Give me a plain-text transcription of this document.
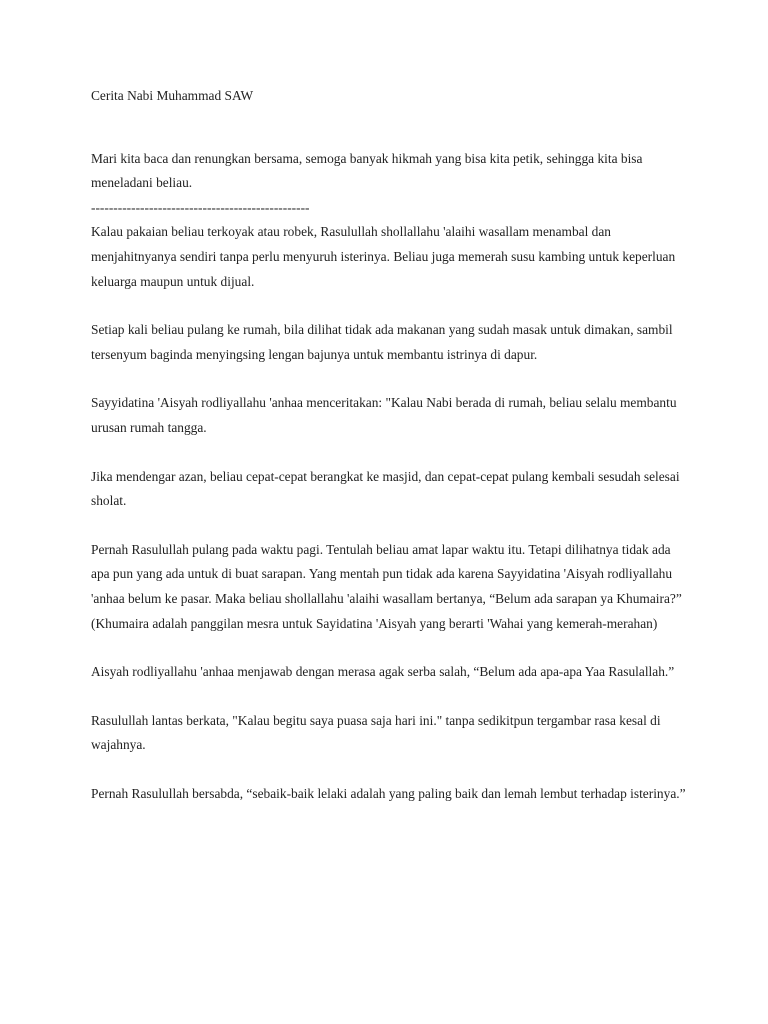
Cerita Nabi Muhammad SAW
Mari kita baca dan renungkan bersama, semoga banyak hikmah yang bisa kita petik, sehingga kita bisa meneladani beliau.
-------------------------------------------------
Kalau pakaian beliau terkoyak atau robek, Rasulullah shollallahu 'alaihi wasallam menambal dan menjahitnyanya sendiri tanpa perlu menyuruh isterinya. Beliau juga memerah susu kambing untuk keperluan keluarga maupun untuk dijual.
Setiap kali beliau pulang ke rumah, bila dilihat tidak ada makanan yang sudah masak untuk dimakan, sambil tersenyum baginda menyingsing lengan bajunya untuk membantu istrinya di dapur.
Sayyidatina 'Aisyah rodliyallahu 'anhaa menceritakan: "Kalau Nabi berada di rumah, beliau selalu membantu urusan rumah tangga.
Jika mendengar azan, beliau cepat-cepat berangkat ke masjid, dan cepat-cepat pulang kembali sesudah selesai sholat.
Pernah Rasulullah pulang pada waktu pagi. Tentulah beliau amat lapar waktu itu. Tetapi dilihatnya tidak ada apa pun yang ada untuk di buat sarapan. Yang mentah pun tidak ada karena Sayyidatina 'Aisyah rodliyallahu 'anhaa belum ke pasar. Maka beliau shollallahu 'alaihi wasallam bertanya, “Belum ada sarapan ya Khumaira?” (Khumaira adalah panggilan mesra untuk Sayidatina 'Aisyah yang berarti 'Wahai yang kemerah-merahan)
Aisyah rodliyallahu 'anhaa menjawab dengan merasa agak serba salah, “Belum ada apa-apa Yaa Rasulallah.”
Rasulullah lantas berkata, "Kalau begitu saya puasa saja hari ini." tanpa sedikitpun tergambar rasa kesal di wajahnya.
Pernah Rasulullah bersabda, “sebaik-baik lelaki adalah yang paling baik dan lemah lembut terhadap isterinya.”
